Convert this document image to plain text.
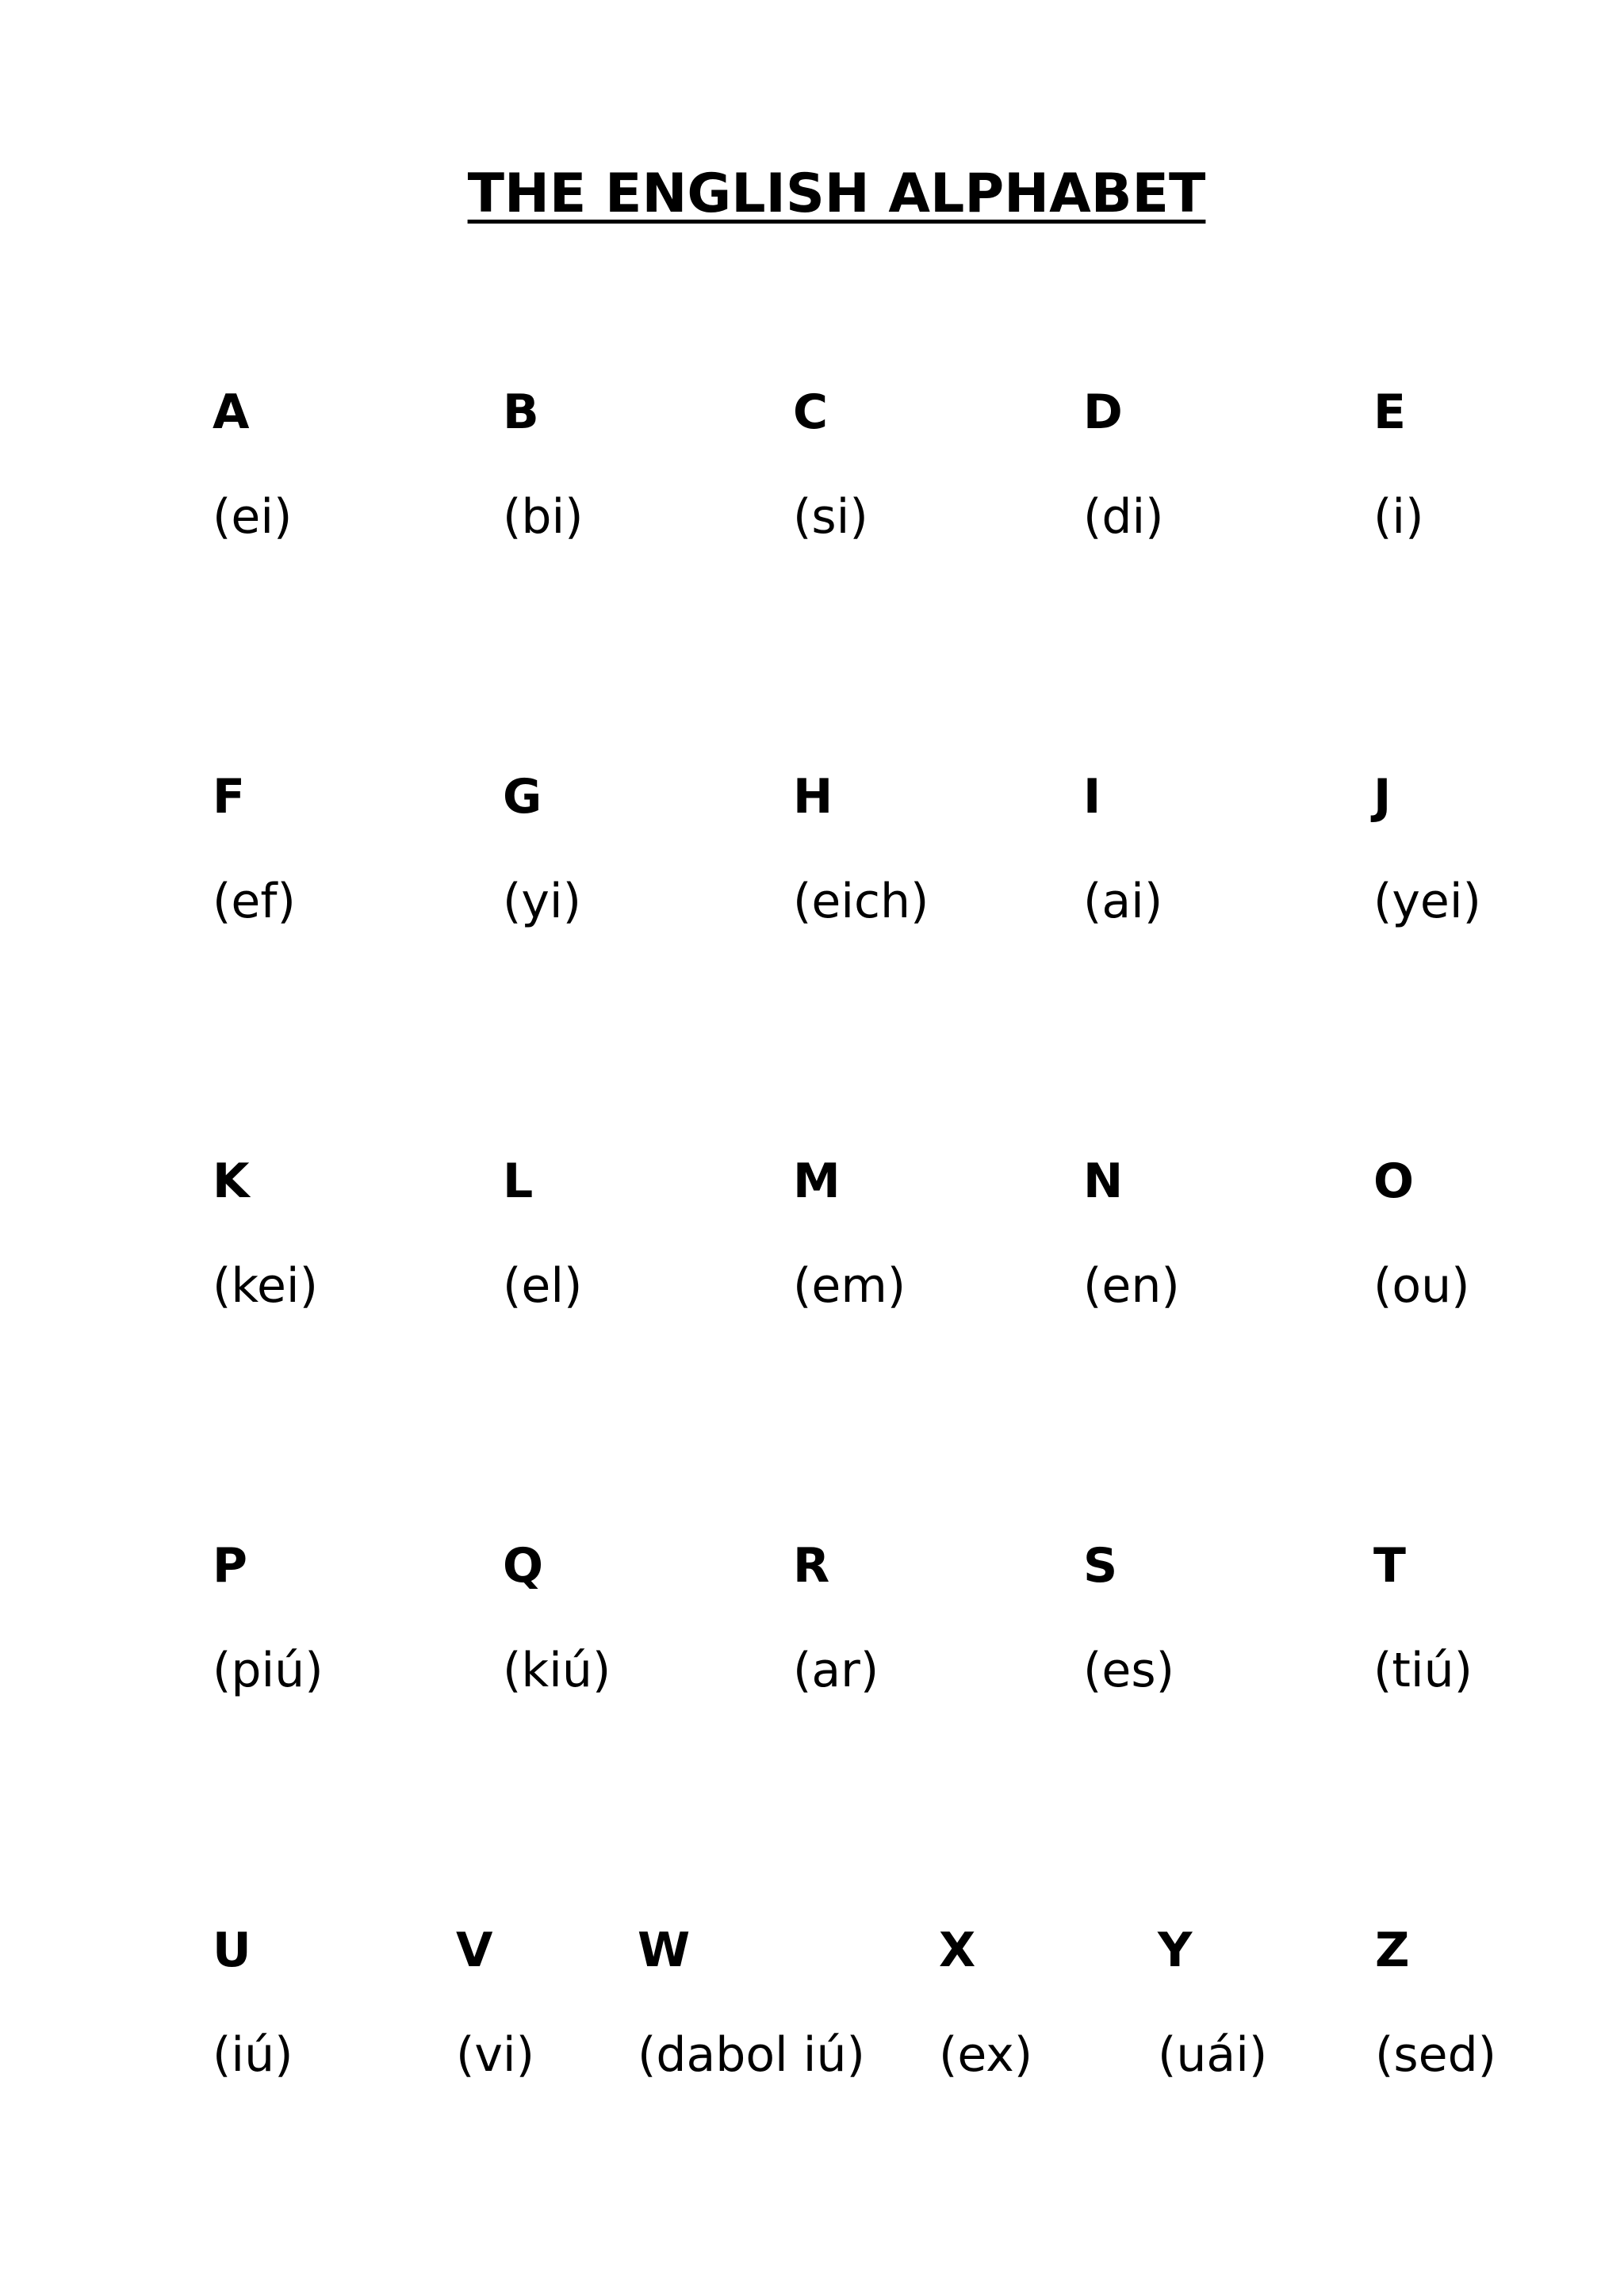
THE ENGLISH ALPHABET
A
(ei)
B
(bi)
C
(si)
D
(di)
E
(i)
F
(ef)
G
(yi)
H
(eich)
I
(ai)
J
(yei)
K
(kei)
L
(el)
M
(em)
N
(en)
O
(ou)
P
(piú)
Q
(kiú)
R
(ar)
S
(es)
T
(tiú)
U
(iú)
V
(vi)
W
(dabol iú)
X
(ex)
Y
(uái)
Z
(sed)
